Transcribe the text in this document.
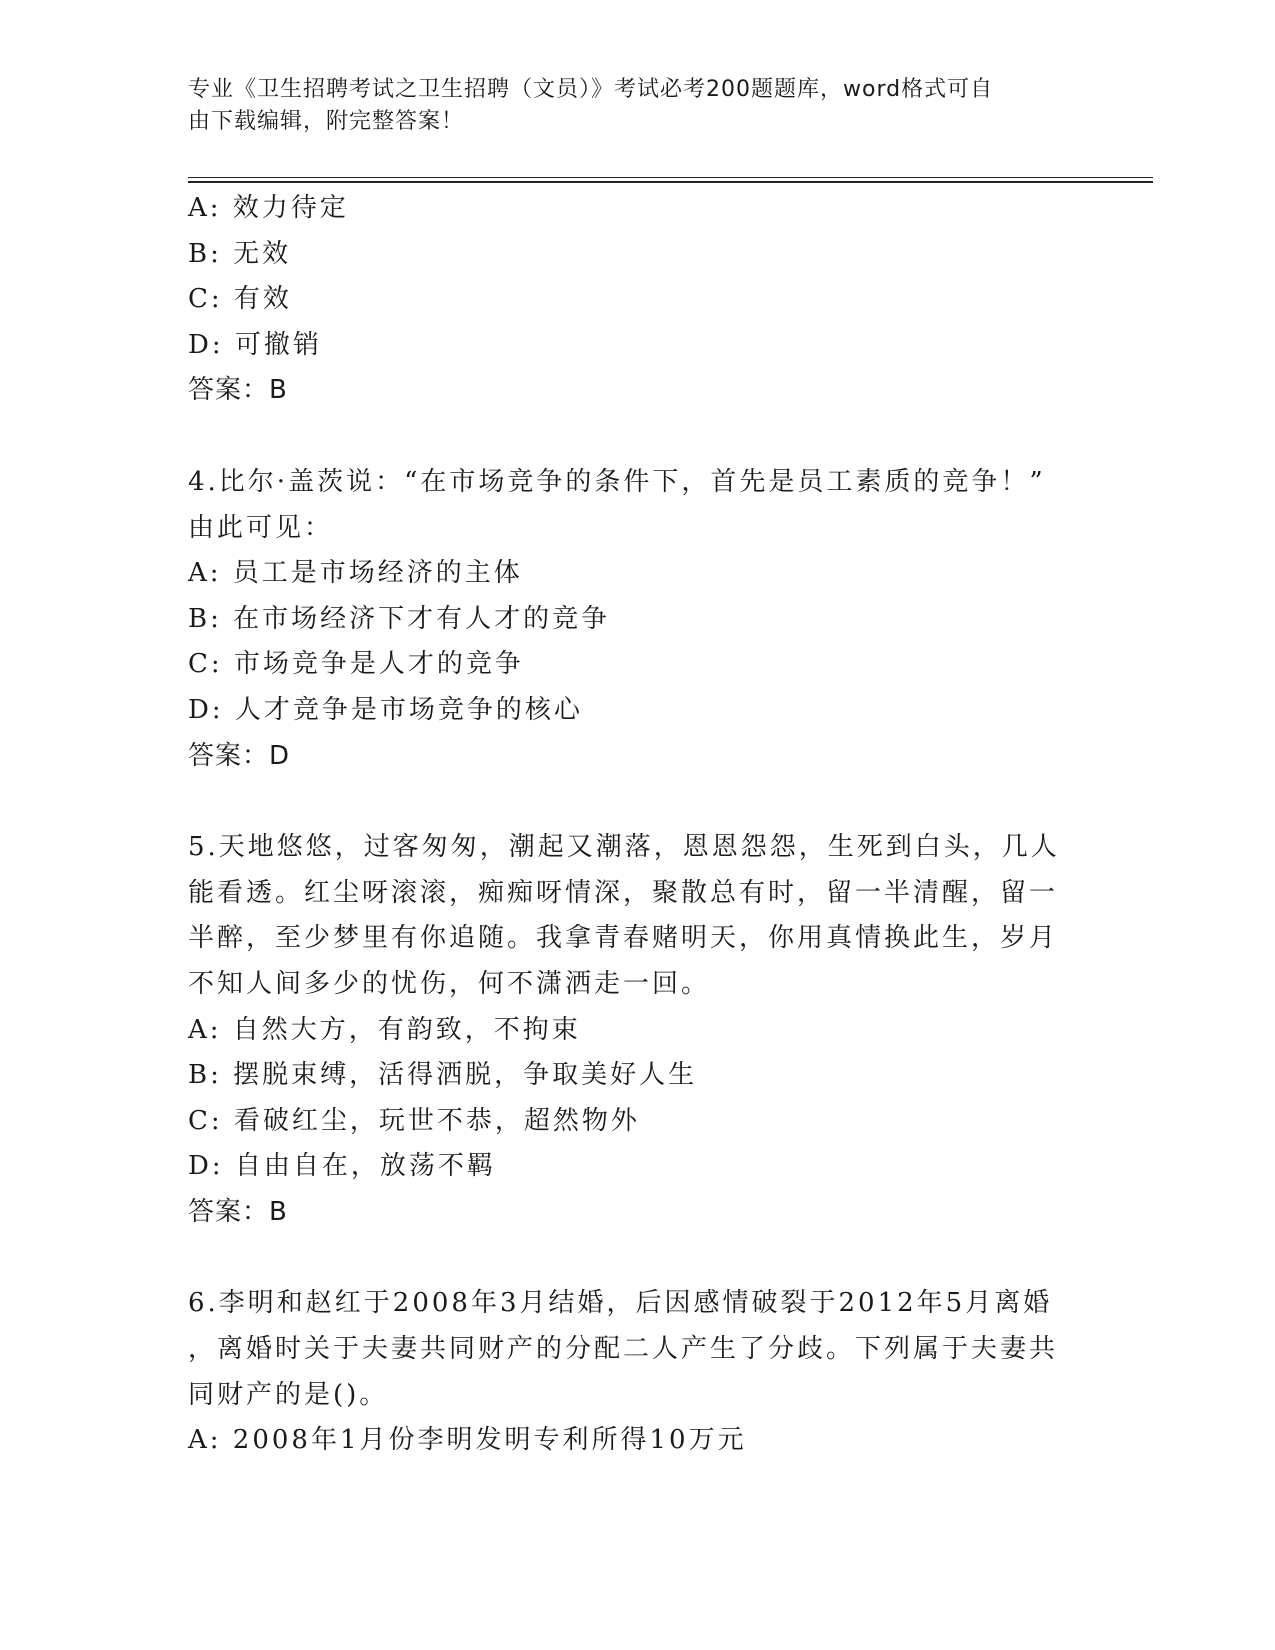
专业《卫生招聘考试之卫生招聘（文员）》考试必考200题题库，word格式可自
由下载编辑，附完整答案！
A: 效力待定
B: 无效
C: 有效
D: 可撤销
答案：B
4.比尔·盖茨说：“在市场竞争的条件下，首先是员工素质的竞争！”
由此可见：
A: 员工是市场经济的主体
B: 在市场经济下才有人才的竞争
C: 市场竞争是人才的竞争
D: 人才竞争是市场竞争的核心
答案：D
5.天地悠悠，过客匆匆，潮起又潮落，恩恩怨怨，生死到白头，几人
能看透。红尘呀滚滚，痴痴呀情深，聚散总有时，留一半清醒，留一
半醉，至少梦里有你追随。我拿青春赌明天，你用真情换此生，岁月
不知人间多少的忧伤，何不潇洒走一回。
A: 自然大方，有韵致，不拘束
B: 摆脱束缚，活得洒脱，争取美好人生
C: 看破红尘，玩世不恭，超然物外
D: 自由自在，放荡不羁
答案：B
6.李明和赵红于2008年3月结婚，后因感情破裂于2012年5月离婚
，离婚时关于夫妻共同财产的分配二人产生了分歧。下列属于夫妻共
同财产的是()。
A: 2008年1月份李明发明专利所得10万元
